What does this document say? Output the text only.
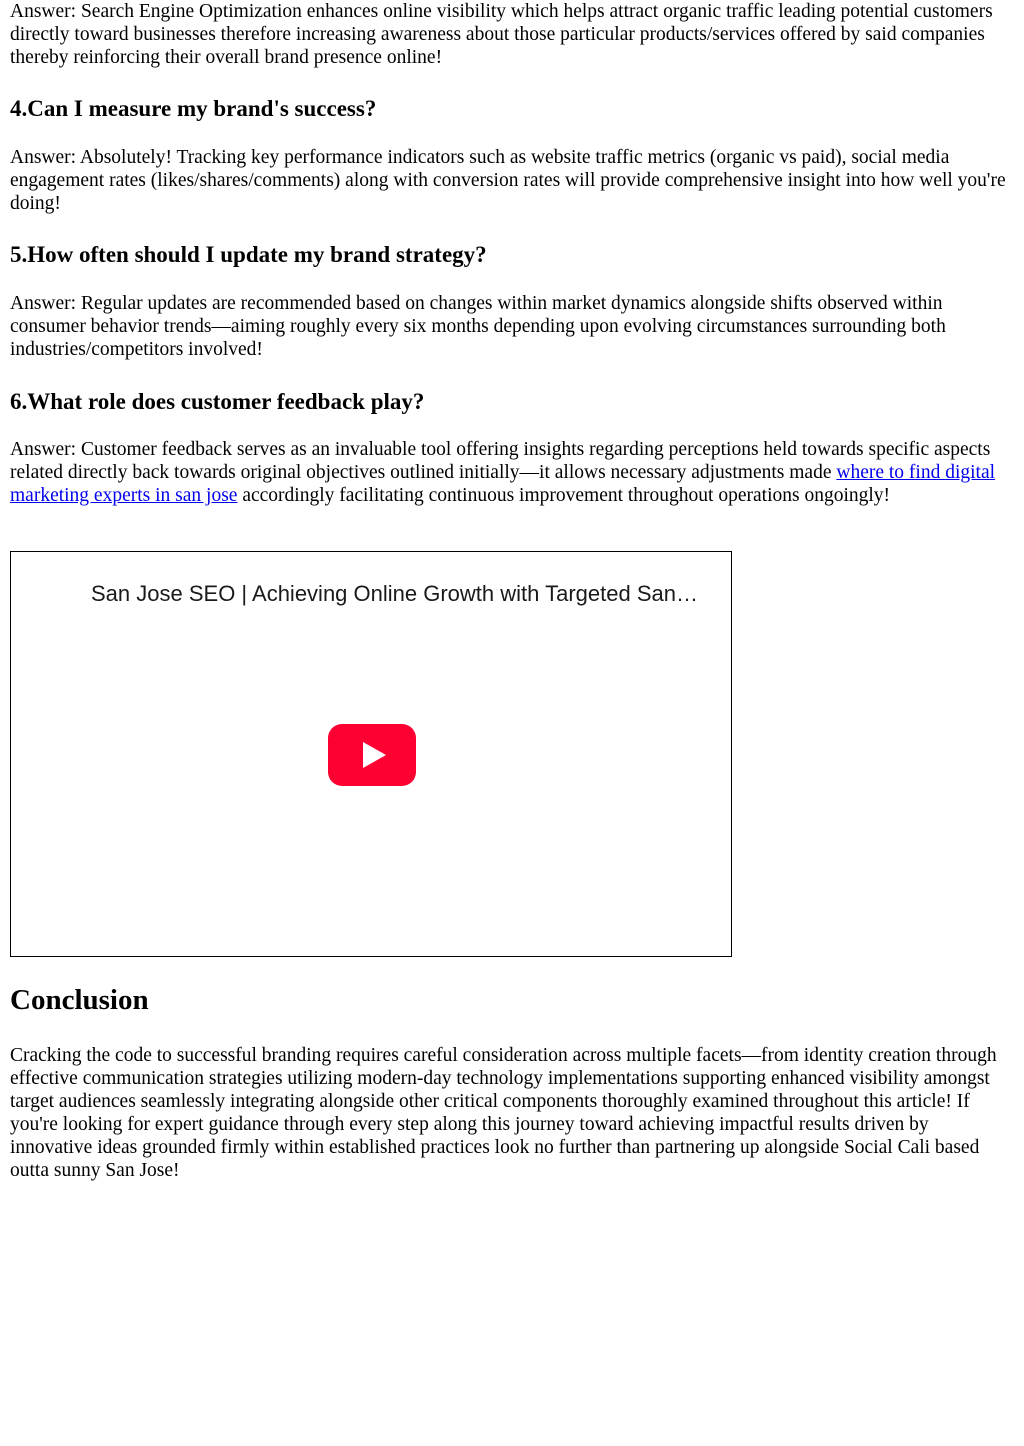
Answer: Search Engine Optimization enhances online visibility which helps attract organic traffic leading potential customers directly toward businesses therefore increasing awareness about those particular products/services offered by said companies thereby reinforcing their overall brand presence online!

4.Can I measure my brand's success?

Answer: Absolutely! Tracking key performance indicators such as website traffic metrics (organic vs paid), social media engagement rates (likes/shares/comments) along with conversion rates will provide comprehensive insight into how well you're doing!

5.How often should I update my brand strategy?

Answer: Regular updates are recommended based on changes within market dynamics alongside shifts observed within consumer behavior trends—aiming roughly every six months depending upon evolving circumstances surrounding both industries/competitors involved!

6.What role does customer feedback play?

Answer: Customer feedback serves as an invaluable tool offering insights regarding perceptions held towards specific aspects related directly back towards original objectives outlined initially—it allows necessary adjustments made where to find digital marketing experts in san jose accordingly facilitating continuous improvement throughout operations ongoingly!

San Jose SEO | Achieving Online Growth with Targeted San…
Conclusion

Cracking the code to successful branding requires careful consideration across multiple facets—from identity creation through effective communication strategies utilizing modern-day technology implementations supporting enhanced visibility amongst target audiences seamlessly integrating alongside other critical components thoroughly examined throughout this article! If you're looking for expert guidance through every step along this journey toward achieving impactful results driven by innovative ideas grounded firmly within established practices look no further than partnering up alongside Social Cali based outta sunny San Jose!
